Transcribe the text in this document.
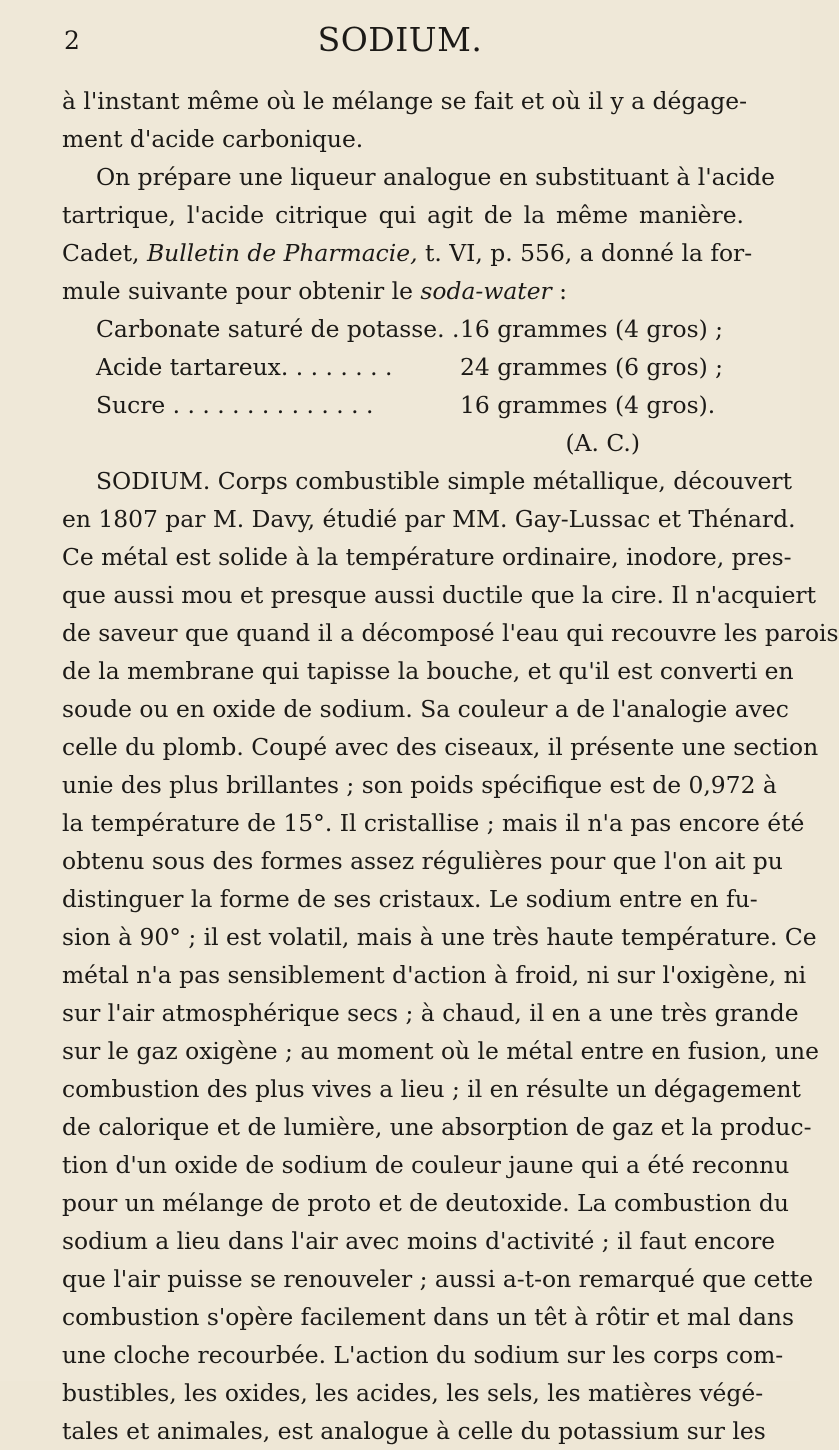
2	SODIUM.
à l'instant même où le mélange se fait et où il y a dégage-
ment d'acide carbonique.
On prépare une liqueur analogue en substituant à l'acide
tartrique, l'acide citrique qui agit de la même manière.
Cadet, Bulletin de Pharmacie, t. VI, p. 556, a donné la for-
mule suivante pour obtenir le soda-water :
Carbonate saturé de potasse. . 16 grammes (4 gros) ;
Acide tartareux. . . . . . . .	24 grammes (6 gros) ;
Sucre . . . . . . . . . . . . . .	16 grammes (4 gros).
(A. C.)
SODIUM. Corps combustible simple métallique, découvert
en 1807 par M. Davy, étudié par MM. Gay-Lussac et Thénard.
Ce métal est solide à la température ordinaire, inodore, pres-
que aussi mou et presque aussi ductile que la cire. Il n'acquiert
de saveur que quand il a décomposé l'eau qui recouvre les parois
de la membrane qui tapisse la bouche, et qu'il est converti en
soude ou en oxide de sodium. Sa couleur a de l'analogie avec
celle du plomb. Coupé avec des ciseaux, il présente une section
unie des plus brillantes ; son poids spécifique est de 0,972 à
la température de 15°. Il cristallise ; mais il n'a pas encore été
obtenu sous des formes assez régulières pour que l'on ait pu
distinguer la forme de ses cristaux. Le sodium entre en fu-
sion à 90° ; il est volatil, mais à une très haute température. Ce
métal n'a pas sensiblement d'action à froid, ni sur l'oxigène, ni
sur l'air atmosphérique secs ; à chaud, il en a une très grande
sur le gaz oxigène ; au moment où le métal entre en fusion, une
combustion des plus vives a lieu ; il en résulte un dégagement
de calorique et de lumière, une absorption de gaz et la produc-
tion d'un oxide de sodium de couleur jaune qui a été reconnu
pour un mélange de proto et de deutoxide. La combustion du
sodium a lieu dans l'air avec moins d'activité ; il faut encore
que l'air puisse se renouveler ; aussi a-t-on remarqué que cette
combustion s'opère facilement dans un têt à rôtir et mal dans
une cloche recourbée. L'action du sodium sur les corps com-
bustibles, les oxides, les acides, les sels, les matières végé-
tales et animales, est analogue à celle du potassium sur les
